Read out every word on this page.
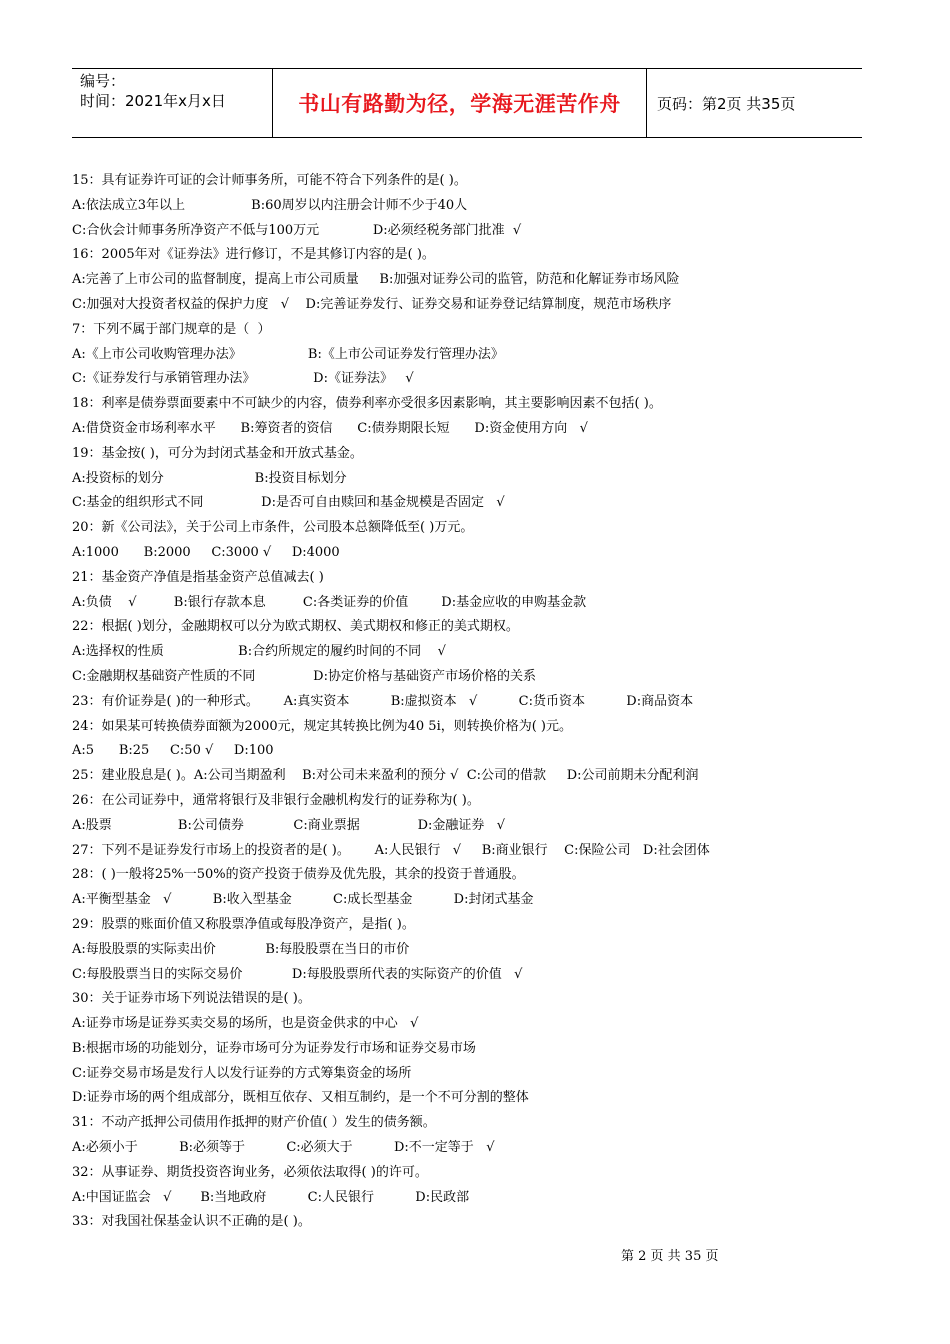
编号：
时间：2021年x月x日	书山有路勤为径，学海无涯苦作舟	页码：第2页 共35页
15：具有证券许可证的会计师事务所，可能不符合下列条件的是( )。
A:依法成立3年以上                B:60周岁以内注册会计师不少于40人
C:合伙会计师事务所净资产不低与100万元             D:必须经税务部门批准  √
16：2005年对《证券法》进行修订，不是其修订内容的是( )。
A:完善了上市公司的监督制度，提高上市公司质量     B:加强对证券公司的监管，防范和化解证券市场风险
C:加强对大投资者权益的保护力度   √    D:完善证券发行、证券交易和证券登记结算制度，规范市场秩序
7：下列不属于部门规章的是（  ）
A:《上市公司收购管理办法》                B:《上市公司证券发行管理办法》
C:《证券发行与承销管理办法》              D:《证券法》   √
18：利率是债券票面要素中不可缺少的内容，债券利率亦受很多因素影响，其主要影响因素不包括( )。
A:借贷资金市场利率水平      B:筹资者的资信      C:债券期限长短      D:资金使用方向   √
19：基金按( )，可分为封闭式基金和开放式基金。
A:投资标的划分                      B:投资目标划分
C:基金的组织形式不同              D:是否可自由赎回和基金规模是否固定   √
20：新《公司法》，关于公司上市条件，公司股本总额降低至( )万元。
A:1000      B:2000     C:3000 √     D:4000
21：基金资产净值是指基金资产总值减去( )
A:负债    √         B:银行存款本息         C:各类证券的价值        D:基金应收的申购基金款
22：根据( )划分，金融期权可以分为欧式期权、美式期权和修正的美式期权。
A:选择权的性质                  B:合约所规定的履约时间的不同    √
C:金融期权基础资产性质的不同              D:协定价格与基础资产市场价格的关系
23：有价证券是( )的一种形式。      A:真实资本          B:虚拟资本   √          C:货币资本          D:商品资本
24：如果某可转换债券面额为2000元，规定其转换比例为40 5i，则转换价格为( )元。
A:5      B:25     C:50 √     D:100
25：建业股息是( )。A:公司当期盈利    B:对公司未来盈利的预分 √  C:公司的借款     D:公司前期未分配利润
26：在公司证券中，通常将银行及非银行金融机构发行的证券称为( )。
A:股票                B:公司债券            C:商业票据              D:金融证券   √
27：下列不是证券发行市场上的投资者的是( )。      A:人民银行   √     B:商业银行    C:保险公司   D:社会团体
28：( )一般将25%一50%的资产投资于债券及优先股，其余的投资于普通股。
A:平衡型基金   √          B:收入型基金          C:成长型基金          D:封闭式基金
29：股票的账面价值又称股票净值或每股净资产，是指( )。
A:每股股票的实际卖出价            B:每股股票在当日的市价
C:每股股票当日的实际交易价            D:每股股票所代表的实际资产的价值   √
30：关于证券市场下列说法错误的是( )。
A:证券市场是证券买卖交易的场所，也是资金供求的中心   √
B:根据市场的功能划分，证券市场可分为证券发行市场和证券交易市场
C:证券交易市场是发行人以发行证券的方式筹集资金的场所
D:证券市场的两个组成部分，既相互依存、又相互制约，是一个不可分割的整体
31：不动产抵押公司债用作抵押的财产价值( ）发生的债务额。
A:必须小于          B:必须等于          C:必须大于          D:不一定等于   √
32：从事证券、期货投资咨询业务，必须依法取得( )的许可。
A:中国证监会   √       B:当地政府          C:人民银行          D:民政部
33：对我国社保基金认识不正确的是( )。
第 2 页 共 35 页
